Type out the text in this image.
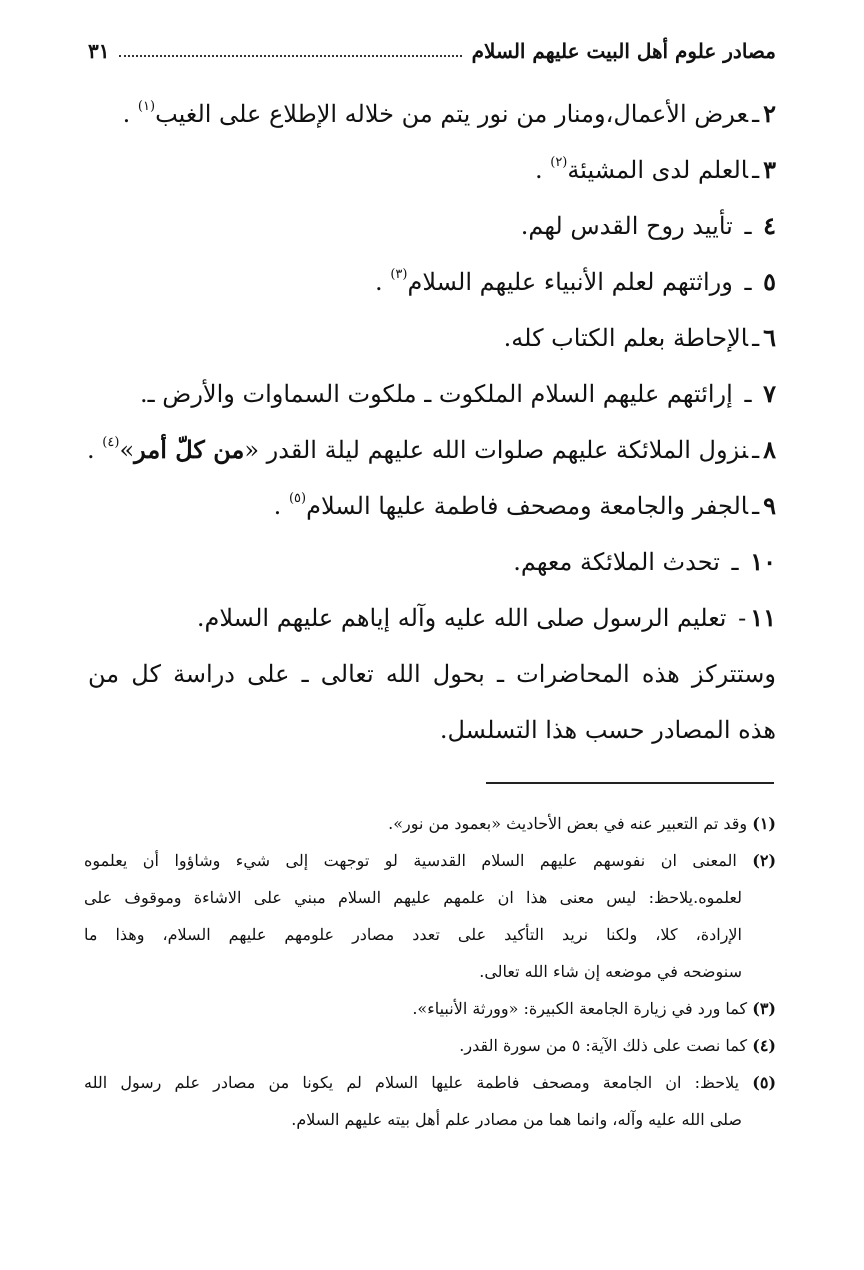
مصادر علوم أهل البيت عليهم السلام
٣١
٢ـعرض الأعمال،ومنار من نور يتم من خلاله الإطلاع على الغيب$^{(١)}$ .
٣ـالعلم لدى المشيئة$^{(٢)}$ .
٤ ـ تأييد روح القدس لهم.
٥ ـ وراثتهم لعلم الأنبياء عليهم السلام$^{(٣)}$ .
٦ـالإحاطة بعلم الكتاب كله.
٧ ـ إرائتهم عليهم السلام الملكوت ـ ملكوت السماوات والأرض ـ.
٨ـنزول الملائكة عليهم صلوات الله عليهم ليلة القدر «من كلّ أمر»$^{(٤)}$ .
٩ـالجفر والجامعة ومصحف فاطمة عليها السلام$^{(٥)}$ .
١٠ ـ تحدث الملائكة معهم.
١١- تعليم الرسول صلى الله عليه وآله إياهم عليهم السلام.
وستتركز هذه المحاضرات ـ بحول الله تعالى ـ على دراسة كل من
هذه المصادر حسب هذا التسلسل.
(١) وقد تم التعبير عنه في بعض الأحاديث «بعمود من نور».
(٢) المعنى ان نفوسهم عليهم السلام القدسية لو توجهت إلى شيء وشاؤوا أن يعلموه
لعلموه.يلاحظ: ليس معنى هذا ان علمهم عليهم السلام مبني على الاشاءة وموقوف على
الإرادة، كلا، ولكنا نريد التأكيد على تعدد مصادر علومهم عليهم السلام، وهذا ما
سنوضحه في موضعه إن شاء الله تعالى.
(٣) كما ورد في زيارة الجامعة الكبيرة: «وورثة الأنبياء».
(٤) كما نصت على ذلك الآية: ٥ من سورة القدر.
(٥) يلاحظ: ان الجامعة ومصحف فاطمة عليها السلام لم يكونا من مصادر علم رسول الله
صلى الله عليه وآله، وانما هما من مصادر علم أهل بيته عليهم السلام.
